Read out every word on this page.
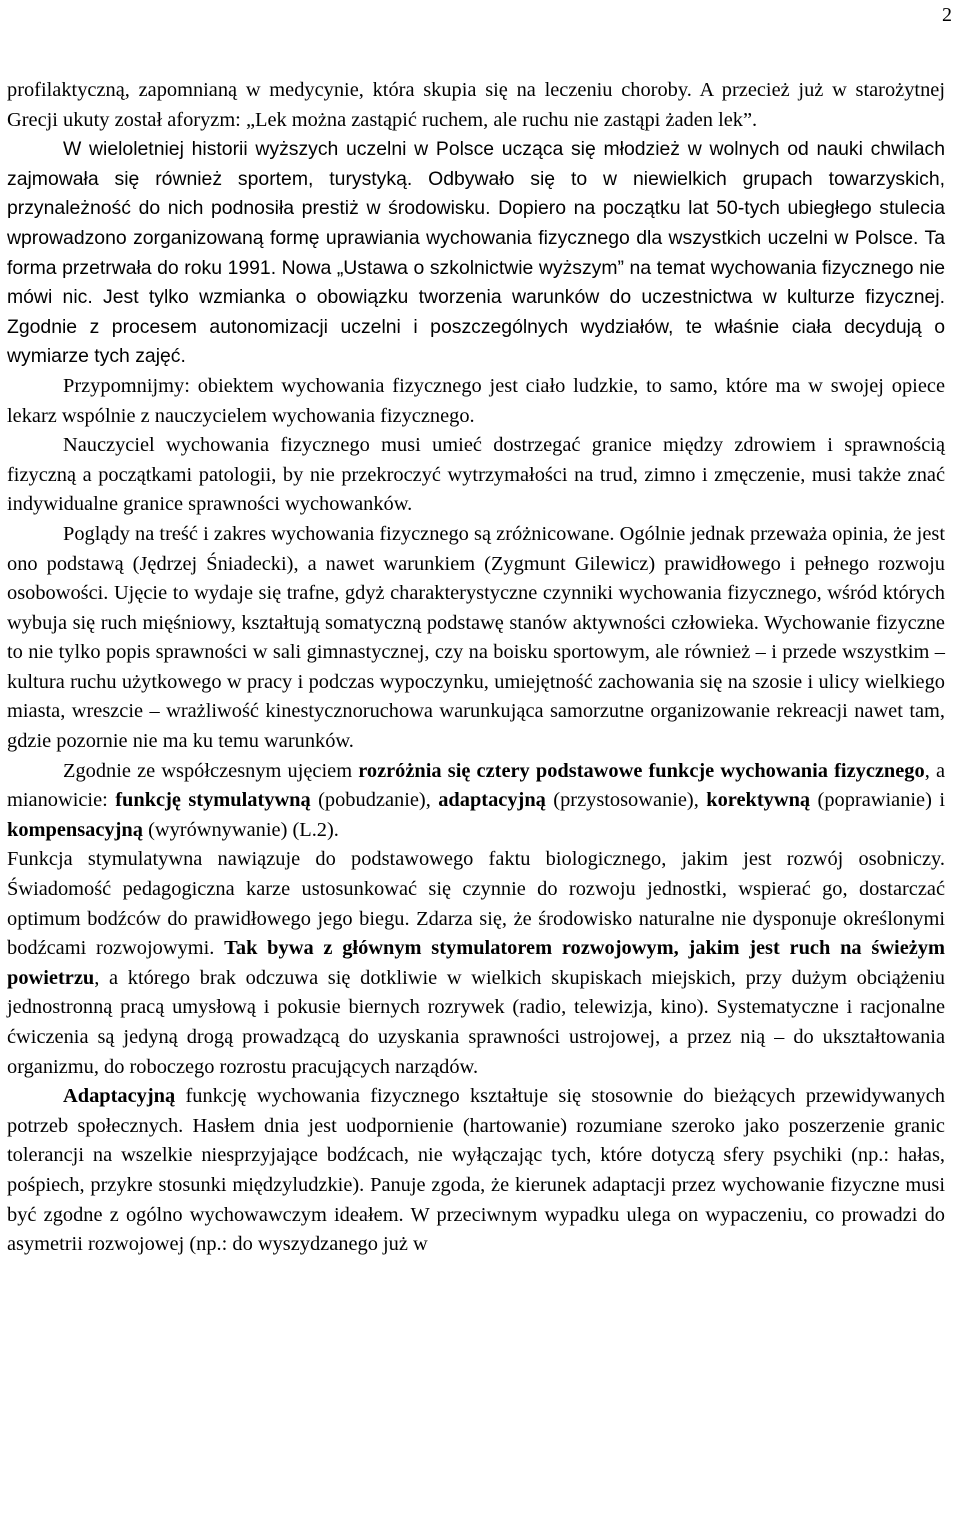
2

profilaktyczną, zapomnianą w medycynie, która skupia się na leczeniu choroby. A przecież już w starożytnej Grecji ukuty został aforyzm: „Lek można zastąpić ruchem, ale ruchu nie zastąpi żaden lek”.

W wieloletniej historii wyższych uczelni w Polsce ucząca się młodzież w wolnych od nauki chwilach zajmowała się również sportem, turystyką. Odbywało się to w niewielkich grupach towarzyskich, przynależność do nich podnosiła prestiż w środowisku. Dopiero na początku lat 50-tych ubiegłego stulecia wprowadzono zorganizowaną formę uprawiania wychowania fizycznego dla wszystkich uczelni w Polsce. Ta forma przetrwała do roku 1991. Nowa „Ustawa o szkolnictwie wyższym” na temat wychowania fizycznego nie mówi nic. Jest tylko wzmianka o obowiązku tworzenia warunków do uczestnictwa w kulturze fizycznej. Zgodnie z procesem autonomizacji uczelni i poszczególnych wydziałów, te właśnie ciała decydują o wymiarze tych zajęć.

Przypomnijmy: obiektem wychowania fizycznego jest ciało ludzkie, to samo, które ma w swojej opiece lekarz wspólnie z nauczycielem wychowania fizycznego.

Nauczyciel wychowania fizycznego musi umieć dostrzegać granice między zdrowiem i sprawnością fizyczną a początkami patologii, by nie przekroczyć wytrzymałości na trud, zimno i zmęczenie, musi także znać indywidualne granice sprawności wychowanków.

Poglądy na treść i zakres wychowania fizycznego są zróżnicowane. Ogólnie jednak przeważa opinia, że jest ono podstawą (Jędrzej Śniadecki), a nawet warunkiem (Zygmunt Gilewicz) prawidłowego i pełnego rozwoju osobowości. Ujęcie to wydaje się trafne, gdyż charakterystyczne czynniki wychowania fizycznego, wśród których wybuja się ruch mięśniowy, kształtują somatyczną podstawę stanów aktywności człowieka. Wychowanie fizyczne to nie tylko popis sprawności w sali gimnastycznej, czy na boisku sportowym, ale również – i przede wszystkim – kultura ruchu użytkowego w pracy i podczas wypoczynku, umiejętność zachowania się na szosie i ulicy wielkiego miasta, wreszcie – wrażliwość kinestycznoruchowa warunkująca samorzutne organizowanie rekreacji nawet tam, gdzie pozornie nie ma ku temu warunków.

Zgodnie ze współczesnym ujęciem rozróżnia się cztery podstawowe funkcje wychowania fizycznego, a mianowicie: funkcję stymulatywną (pobudzanie), adaptacyjną (przystosowanie), korektywną (poprawianie) i kompensacyjną (wyrównywanie) (L.2).

Funkcja stymulatywna nawiązuje do podstawowego faktu biologicznego, jakim jest rozwój osobniczy. Świadomość pedagogiczna karze ustosunkować się czynnie do rozwoju jednostki, wspierać go, dostarczać optimum bodźców do prawidłowego jego biegu. Zdarza się, że środowisko naturalne nie dysponuje określonymi bodźcami rozwojowymi. Tak bywa z głównym stymulatorem rozwojowym, jakim jest ruch na świeżym powietrzu, a którego brak odczuwa się dotkliwie w wielkich skupiskach miejskich, przy dużym obciążeniu jednostronną pracą umysłową i pokusie biernych rozrywek (radio, telewizja, kino). Systematyczne i racjonalne ćwiczenia są jedyną drogą prowadzącą do uzyskania sprawności ustrojowej, a przez nią – do ukształtowania organizmu, do roboczego rozrostu pracujących narządów.

Adaptacyjną funkcję wychowania fizycznego kształtuje się stosownie do bieżących przewidywanych potrzeb społecznych. Hasłem dnia jest uodpornienie (hartowanie) rozumiane szeroko jako poszerzenie granic tolerancji na wszelkie niesprzyjające bodźcach, nie wyłączając tych, które dotyczą sfery psychiki (np.: hałas, pośpiech, przykre stosunki międzyludzkie). Panuje zgoda, że kierunek adaptacji przez wychowanie fizyczne musi być zgodne z ogólno wychowawczym ideałem. W przeciwnym wypadku ulega on wypaczeniu, co prowadzi do asymetrii rozwojowej (np.: do wyszydzanego już w
